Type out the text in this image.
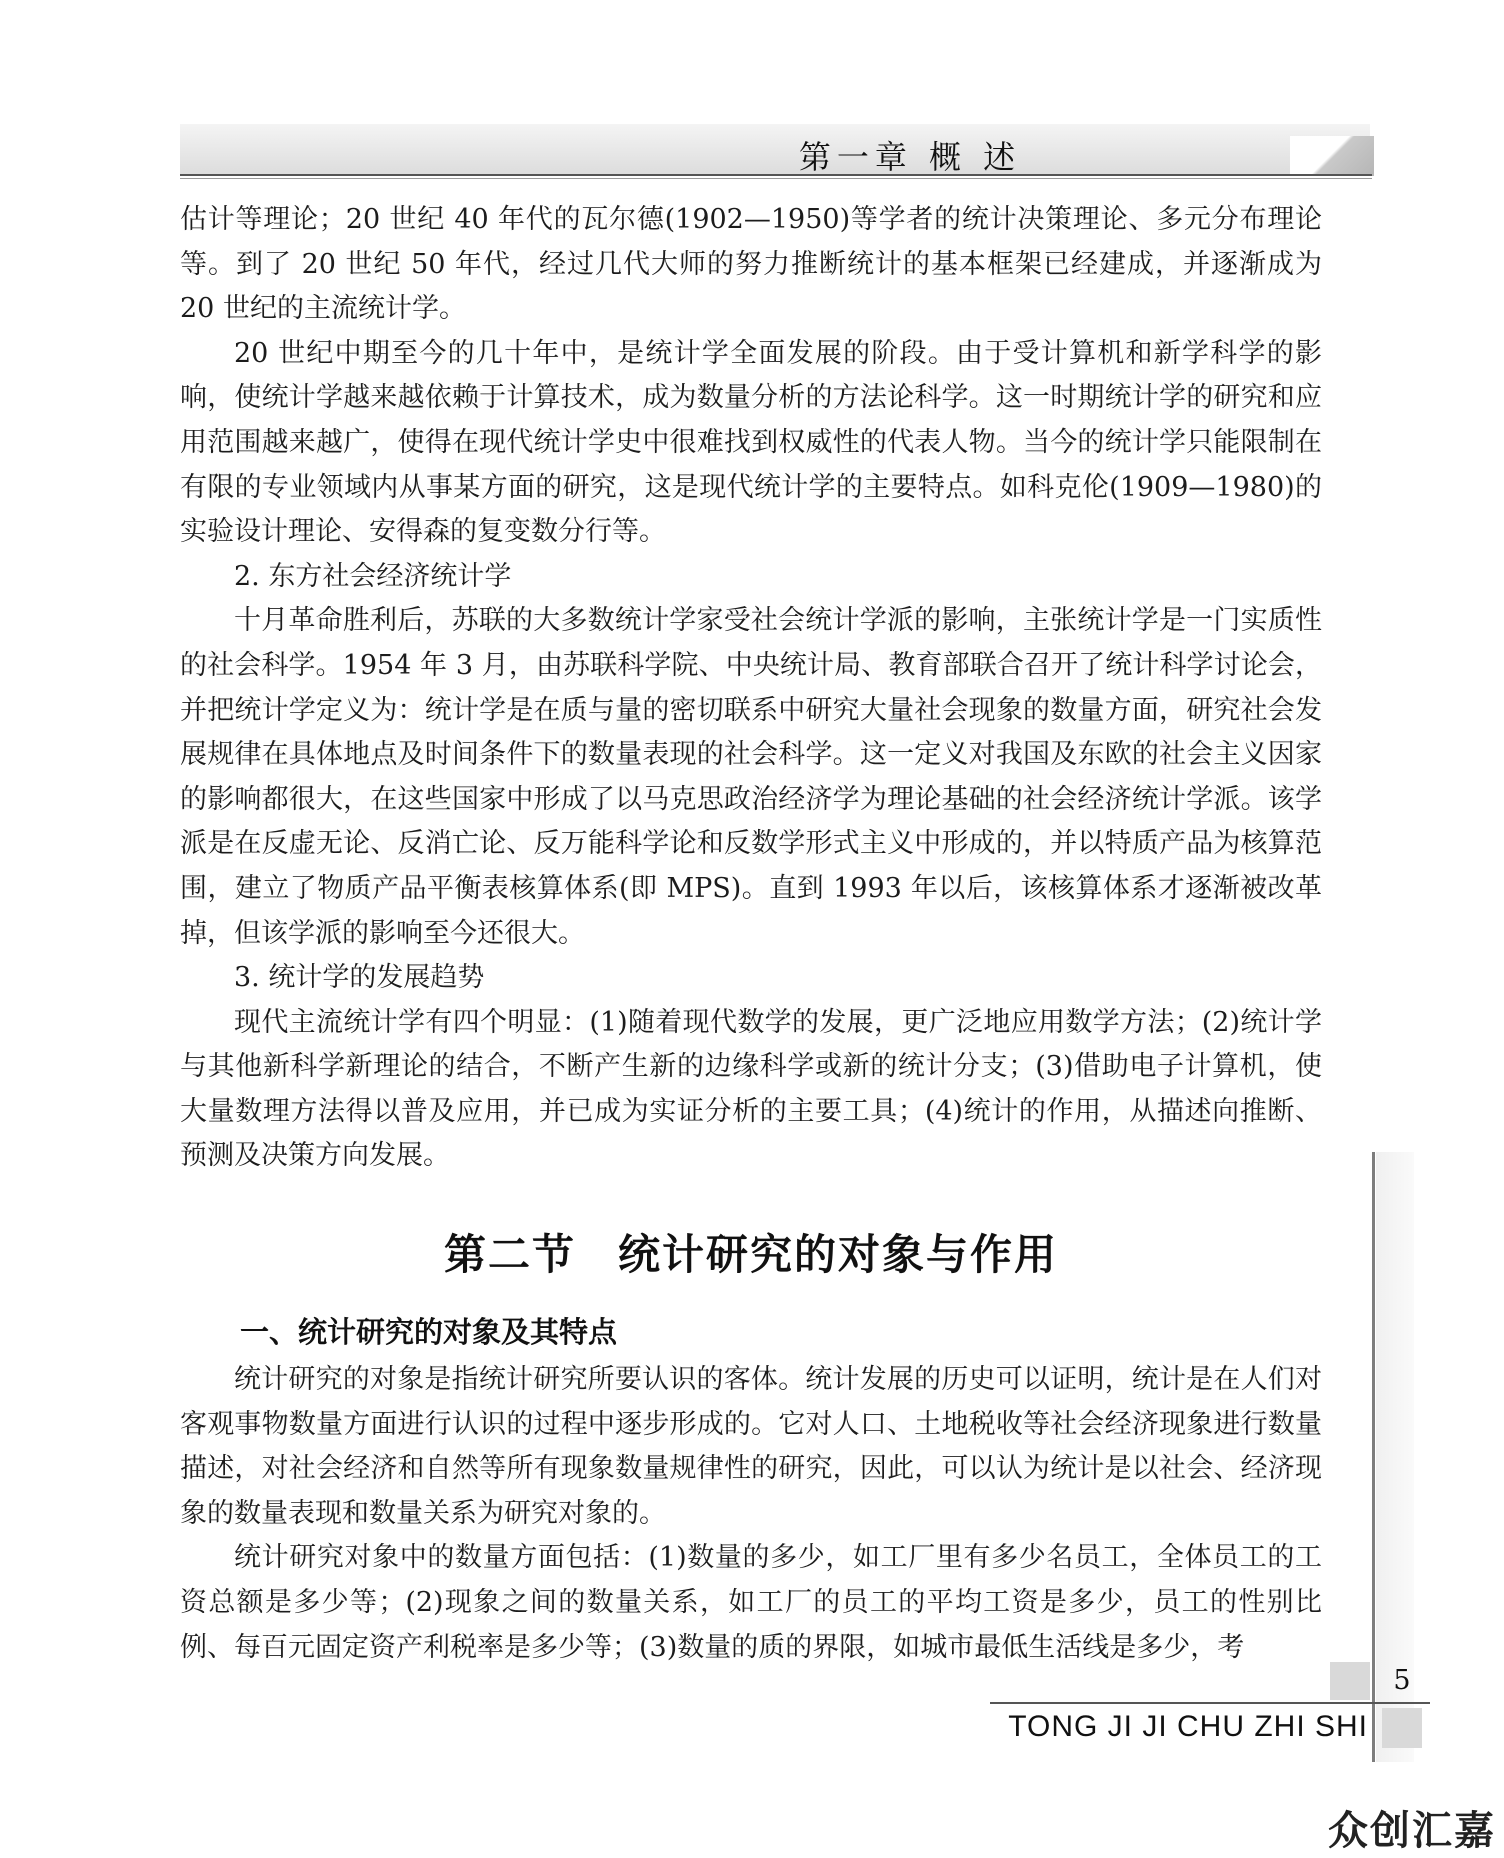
第一章 概 述

估计等理论；20 世纪 40 年代的瓦尔德(1902—1950)等学者的统计决策理论、多元分布理论等。到了 20 世纪 50 年代，经过几代大师的努力推断统计的基本框架已经建成，并逐渐成为 20 世纪的主流统计学。

20 世纪中期至今的几十年中，是统计学全面发展的阶段。由于受计算机和新学科学的影响，使统计学越来越依赖于计算技术，成为数量分析的方法论科学。这一时期统计学的研究和应用范围越来越广，使得在现代统计学史中很难找到权威性的代表人物。当今的统计学只能限制在有限的专业领域内从事某方面的研究，这是现代统计学的主要特点。如科克伦(1909—1980)的实验设计理论、安得森的复变数分行等。

2. 东方社会经济统计学

十月革命胜利后，苏联的大多数统计学家受社会统计学派的影响，主张统计学是一门实质性的社会科学。1954 年 3 月，由苏联科学院、中央统计局、教育部联合召开了统计科学讨论会，并把统计学定义为：统计学是在质与量的密切联系中研究大量社会现象的数量方面，研究社会发展规律在具体地点及时间条件下的数量表现的社会科学。这一定义对我国及东欧的社会主义因家的影响都很大，在这些国家中形成了以马克思政治经济学为理论基础的社会经济统计学派。该学派是在反虚无论、反消亡论、反万能科学论和反数学形式主义中形成的，并以特质产品为核算范围，建立了物质产品平衡表核算体系(即 MPS)。直到 1993 年以后，该核算体系才逐渐被改革掉，但该学派的影响至今还很大。

3. 统计学的发展趋势

现代主流统计学有四个明显：(1)随着现代数学的发展，更广泛地应用数学方法；(2)统计学与其他新科学新理论的结合，不断产生新的边缘科学或新的统计分支；(3)借助电子计算机，使大量数理方法得以普及应用，并已成为实证分析的主要工具；(4)统计的作用，从描述向推断、预测及决策方向发展。

第二节 统计研究的对象与作用
一、统计研究的对象及其特点

统计研究的对象是指统计研究所要认识的客体。统计发展的历史可以证明，统计是在人们对客观事物数量方面进行认识的过程中逐步形成的。它对人口、土地税收等社会经济现象进行数量描述，对社会经济和自然等所有现象数量规律性的研究，因此，可以认为统计是以社会、经济现象的数量表现和数量关系为研究对象的。

统计研究对象中的数量方面包括：(1)数量的多少，如工厂里有多少名员工，全体员工的工资总额是多少等；(2)现象之间的数量关系，如工厂的员工的平均工资是多少，员工的性别比例、每百元固定资产利税率是多少等；(3)数量的质的界限，如城市最低生活线是多少，考

5
TONG JI JI CHU ZHI SHI
众创汇嘉
